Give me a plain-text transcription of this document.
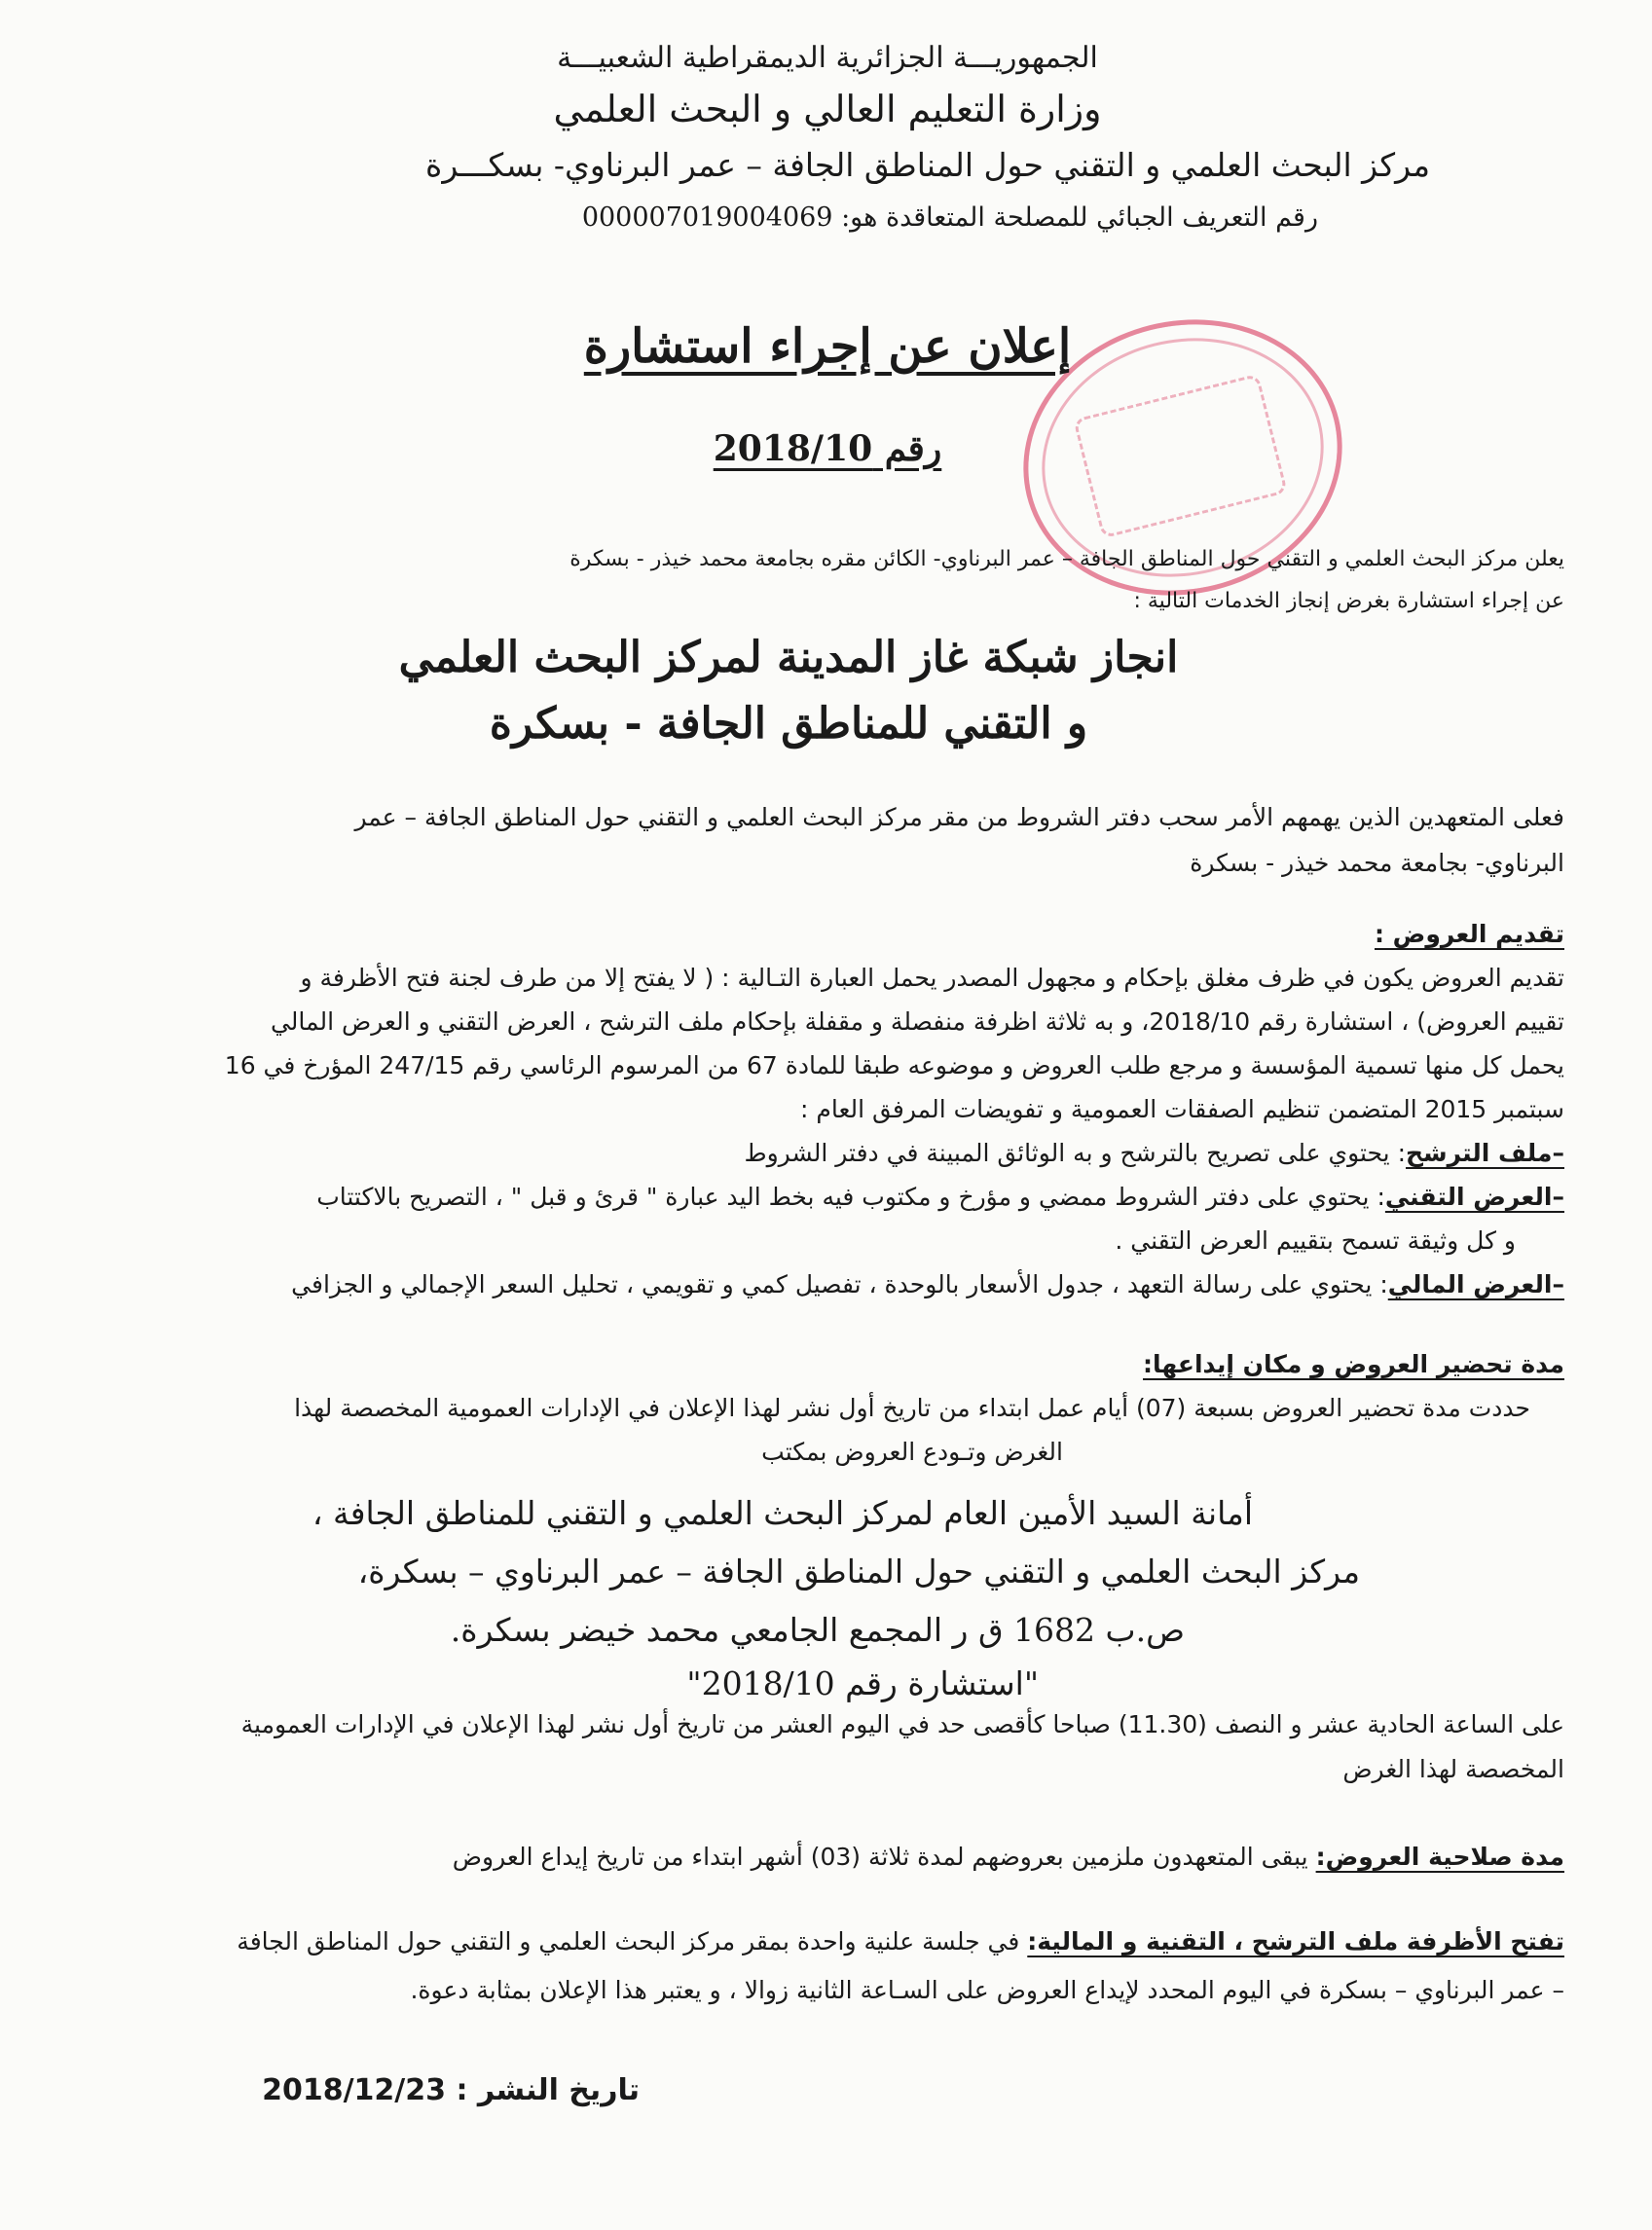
الجمهوريـــة الجزائرية الديمقراطية الشعبيـــة
وزارة التعليم العالي و البحث العلمي
مركز البحث العلمي و التقني حول المناطق الجافة – عمر البرناوي- بسكـــرة
رقم التعريف الجبائي للمصلحة المتعاقدة هو: 000007019004069
إعلان عن إجراء استشارة
رقم 2018/10
يعلن مركز البحث العلمي و التقني حول المناطق الجافة – عمر البرناوي- الكائن مقره بجامعة محمد خيذر - بسكرة
عن إجراء استشارة بغرض إنجاز الخدمات التالية :
انجاز شبكة غاز المدينة لمركز البحث العلمي
و التقني للمناطق الجافة - بسكرة
فعلى المتعهدين الذين يهمهم الأمر سحب دفتر الشروط من مقر مركز البحث العلمي و التقني حول المناطق الجافة – عمر
البرناوي- بجامعة محمد خيذر - بسكرة
تقديم العروض :
تقديم العروض يكون في ظرف مغلق بإحكام و مجهول المصدر يحمل العبارة التـالية : ( لا يفتح إلا من طرف لجنة فتح الأظرفة و
تقييم العروض) ، استشارة رقم 2018/10، و به ثلاثة اظرفة منفصلة و مقفلة بإحكام ملف الترشح ، العرض التقني و العرض المالي
يحمل كل منها تسمية المؤسسة و مرجع طلب العروض و موضوعه طبقا للمادة 67 من المرسوم الرئاسي رقم 247/15 المؤرخ في 16
سبتمبر 2015 المتضمن تنظيم الصفقات العمومية و تفويضات المرفق العام :
–ملف الترشح: يحتوي على تصريح بالترشح و به الوثائق المبينة في دفتر الشروط
–العرض التقني: يحتوي على دفتر الشروط ممضي و مؤرخ و مكتوب فيه بخط اليد عبارة " قرئ و قبل " ، التصريح بالاكتتاب
و كل وثيقة تسمح بتقييم العرض التقني .
–العرض المالي: يحتوي على رسالة التعهد ، جدول الأسعار بالوحدة ، تفصيل كمي و تقويمي ، تحليل السعر الإجمالي و الجزافي
مدة تحضير العروض و مكان إيداعها:
حددت مدة تحضير العروض بسبعة (07) أيام عمل ابتداء من تاريخ أول نشر لهذا الإعلان في الإدارات العمومية المخصصة لهذا
الغرض وتـودع العروض بمكتب
أمانة السيد الأمين العام لمركز البحث العلمي و التقني للمناطق الجافة ،
مركز البحث العلمي و التقني حول المناطق الجافة – عمر البرناوي – بسكرة،
ص.ب 1682 ق ر المجمع الجامعي محمد خيضر بسكرة.
"استشارة رقم 2018/10"
على الساعة الحادية عشر و النصف (11.30) صباحا كأقصى حد في اليوم العشر من تاريخ أول نشر لهذا الإعلان في الإدارات العمومية
المخصصة لهذا الغرض
مدة صلاحية العروض: يبقى المتعهدون ملزمين بعروضهم لمدة ثلاثة (03) أشهر ابتداء من تاريخ إيداع العروض
تفتح الأظرفة ملف الترشح ، التقنية و المالية: في جلسة علنية واحدة بمقر مركز البحث العلمي و التقني حول المناطق الجافة
– عمر البرناوي – بسكرة في اليوم المحدد لإيداع العروض على السـاعة الثانية زوالا ، و يعتبر هذا الإعلان بمثابة دعوة.
تاريخ النشر : 2018/12/23
